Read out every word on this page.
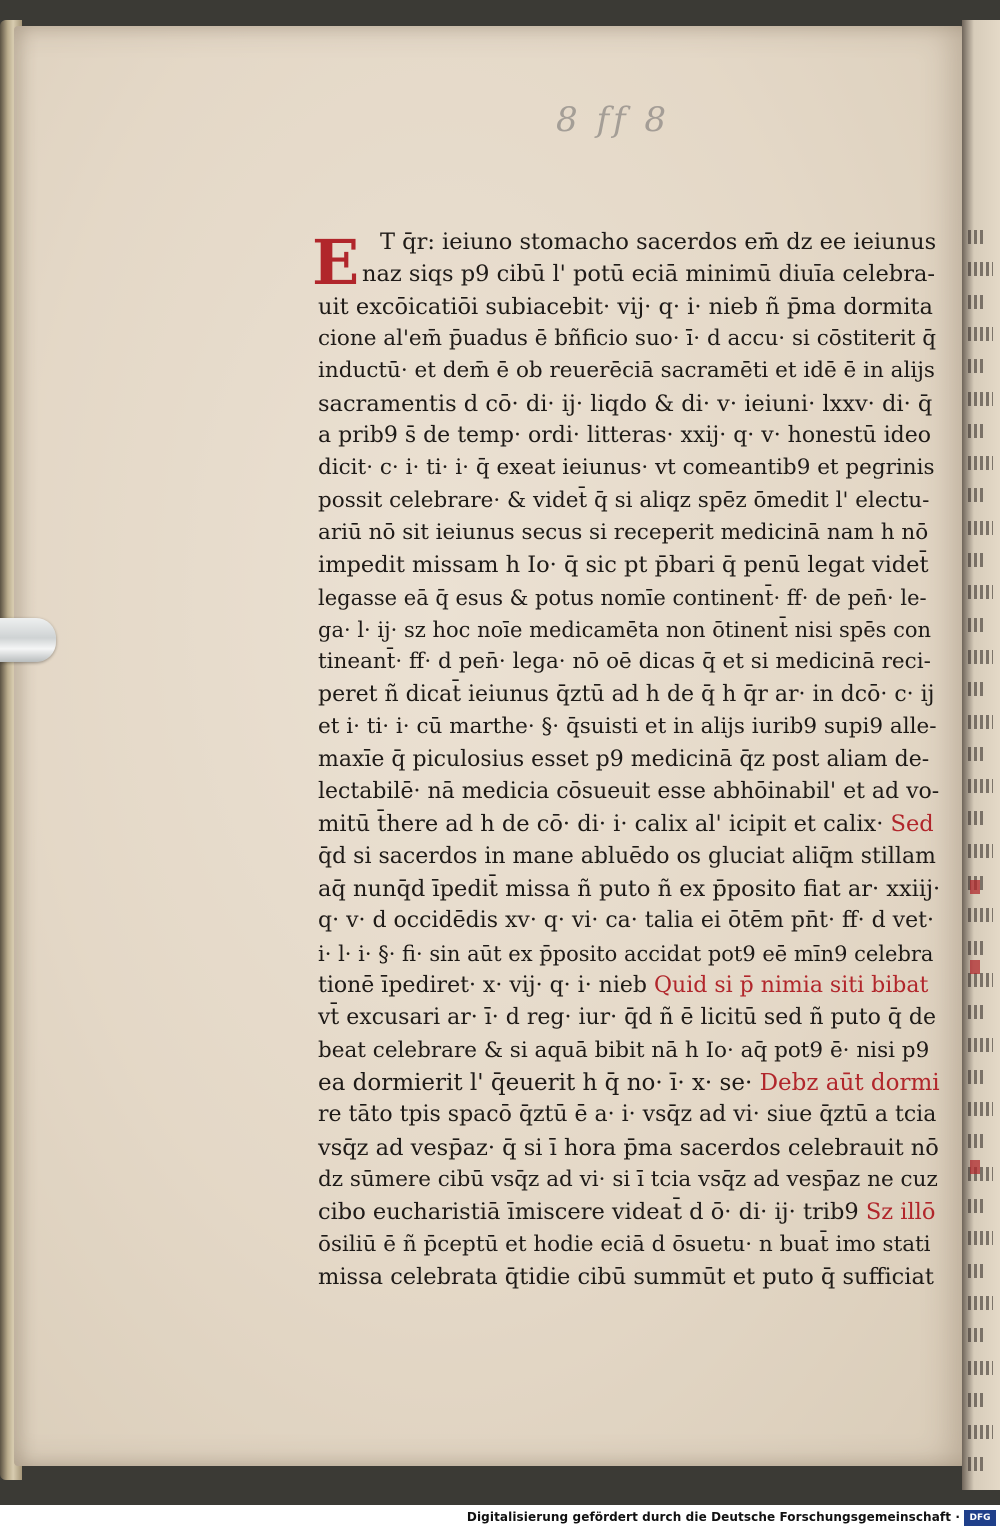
8 ff 8
E T q̄r: ieiuno stomacho sacerdos em̄ dz ee ieiunus
naz siqs p9 cibū l' potū eciā minimū diuīa celebra-
uit excōicatiōi subiacebit· vij· q· i· nieb ñ p̄ma dormita
cione al'em̄ p̄uadus ē bñficio suo· ī· d accu· si cōstiterit q̄
inductū· et dem̄ ē ob reuerēciā sacramēti et idē ē in alijs
sacramentis d cō· di· ij· liqdo & di· v· ieiuni· lxxv· di· q̄
a prib9 s̄ de temp· ordi· litteras· xxij· q· v· honestū ideo
dicit· c· i· ti· i· q̄ exeat ieiunus· vt comeantib9 et pegrinis
possit celebrare· & videt̄ q̄ si aliqz spēz ōmedit l' electu-
ariū nō sit ieiunus secus si receperit medicinā nam h nō
impedit missam h Io· q̄ sic pt p̄bari q̄ penū legat videt̄
legasse eā q̄ esus & potus nomīe continent̄· ff· de pen̄· le-
ga· l· ij· sz hoc noīe medicamēta non ōtinent̄ nisi spēs con
tineant̄· ff· d pen̄· lega· nō oē dicas q̄ et si medicinā reci-
peret ñ dicat̄ ieiunus q̄ztū ad h de q̄ h q̄r ar· in dcō· c· ij
et i· ti· i· cū marthe· §· q̄suisti et in alijs iurib9 supi9 alle-
maxīe q̄ piculosius esset p9 medicinā q̄z post aliam de-
lectabilē· nā medicia cōsueuit esse abhōinabil' et ad vo-
mitū t̄here ad h de cō· di· i· calix al' icipit et calix· Sed
q̄d si sacerdos in mane abluēdo os gluciat aliq̄m stillam
aq̄ nunq̄d īpedit̄ missa ñ puto ñ ex p̄posito fiat ar· xxiij·
q· v· d occidēdis xv· q· vi· ca· talia ei ōtēm pn̄t· ff· d vet·
i· l· i· §· fi· sin aūt ex p̄posito accidat pot9 eē mīn9 celebra
tionē īpediret· x· vij· q· i· nieb Quid si p̄ nimia siti bibat
vt̄ excusari ar· ī· d reg· iur· q̄d ñ ē licitū sed ñ puto q̄ de
beat celebrare & si aquā bibit nā h Io· aq̄ pot9 ē· nisi p9
ea dormierit l' q̄euerit h q̄ no· ī· x· se· Debz aūt dormi
re tāto tpis spacō q̄ztū ē a· i· vsq̄z ad vi· siue q̄ztū a tcia
vsq̄z ad vesp̄az· q̄ si ī hora p̄ma sacerdos celebrauit nō
dz sūmere cibū vsq̄z ad vi· si ī tcia vsq̄z ad vesp̄az ne cuz
cibo eucharistiā īmiscere videat̄ d ō· di· ij· trib9 Sz illō
ōsiliū ē ñ p̄ceptū et hodie eciā d ōsuetu· n buat̄ imo stati
missa celebrata q̄tidie cibū summūt et puto q̄ sufficiat
Digitalisierung gefördert durch die Deutsche Forschungsgemeinschaft ·	DFG
